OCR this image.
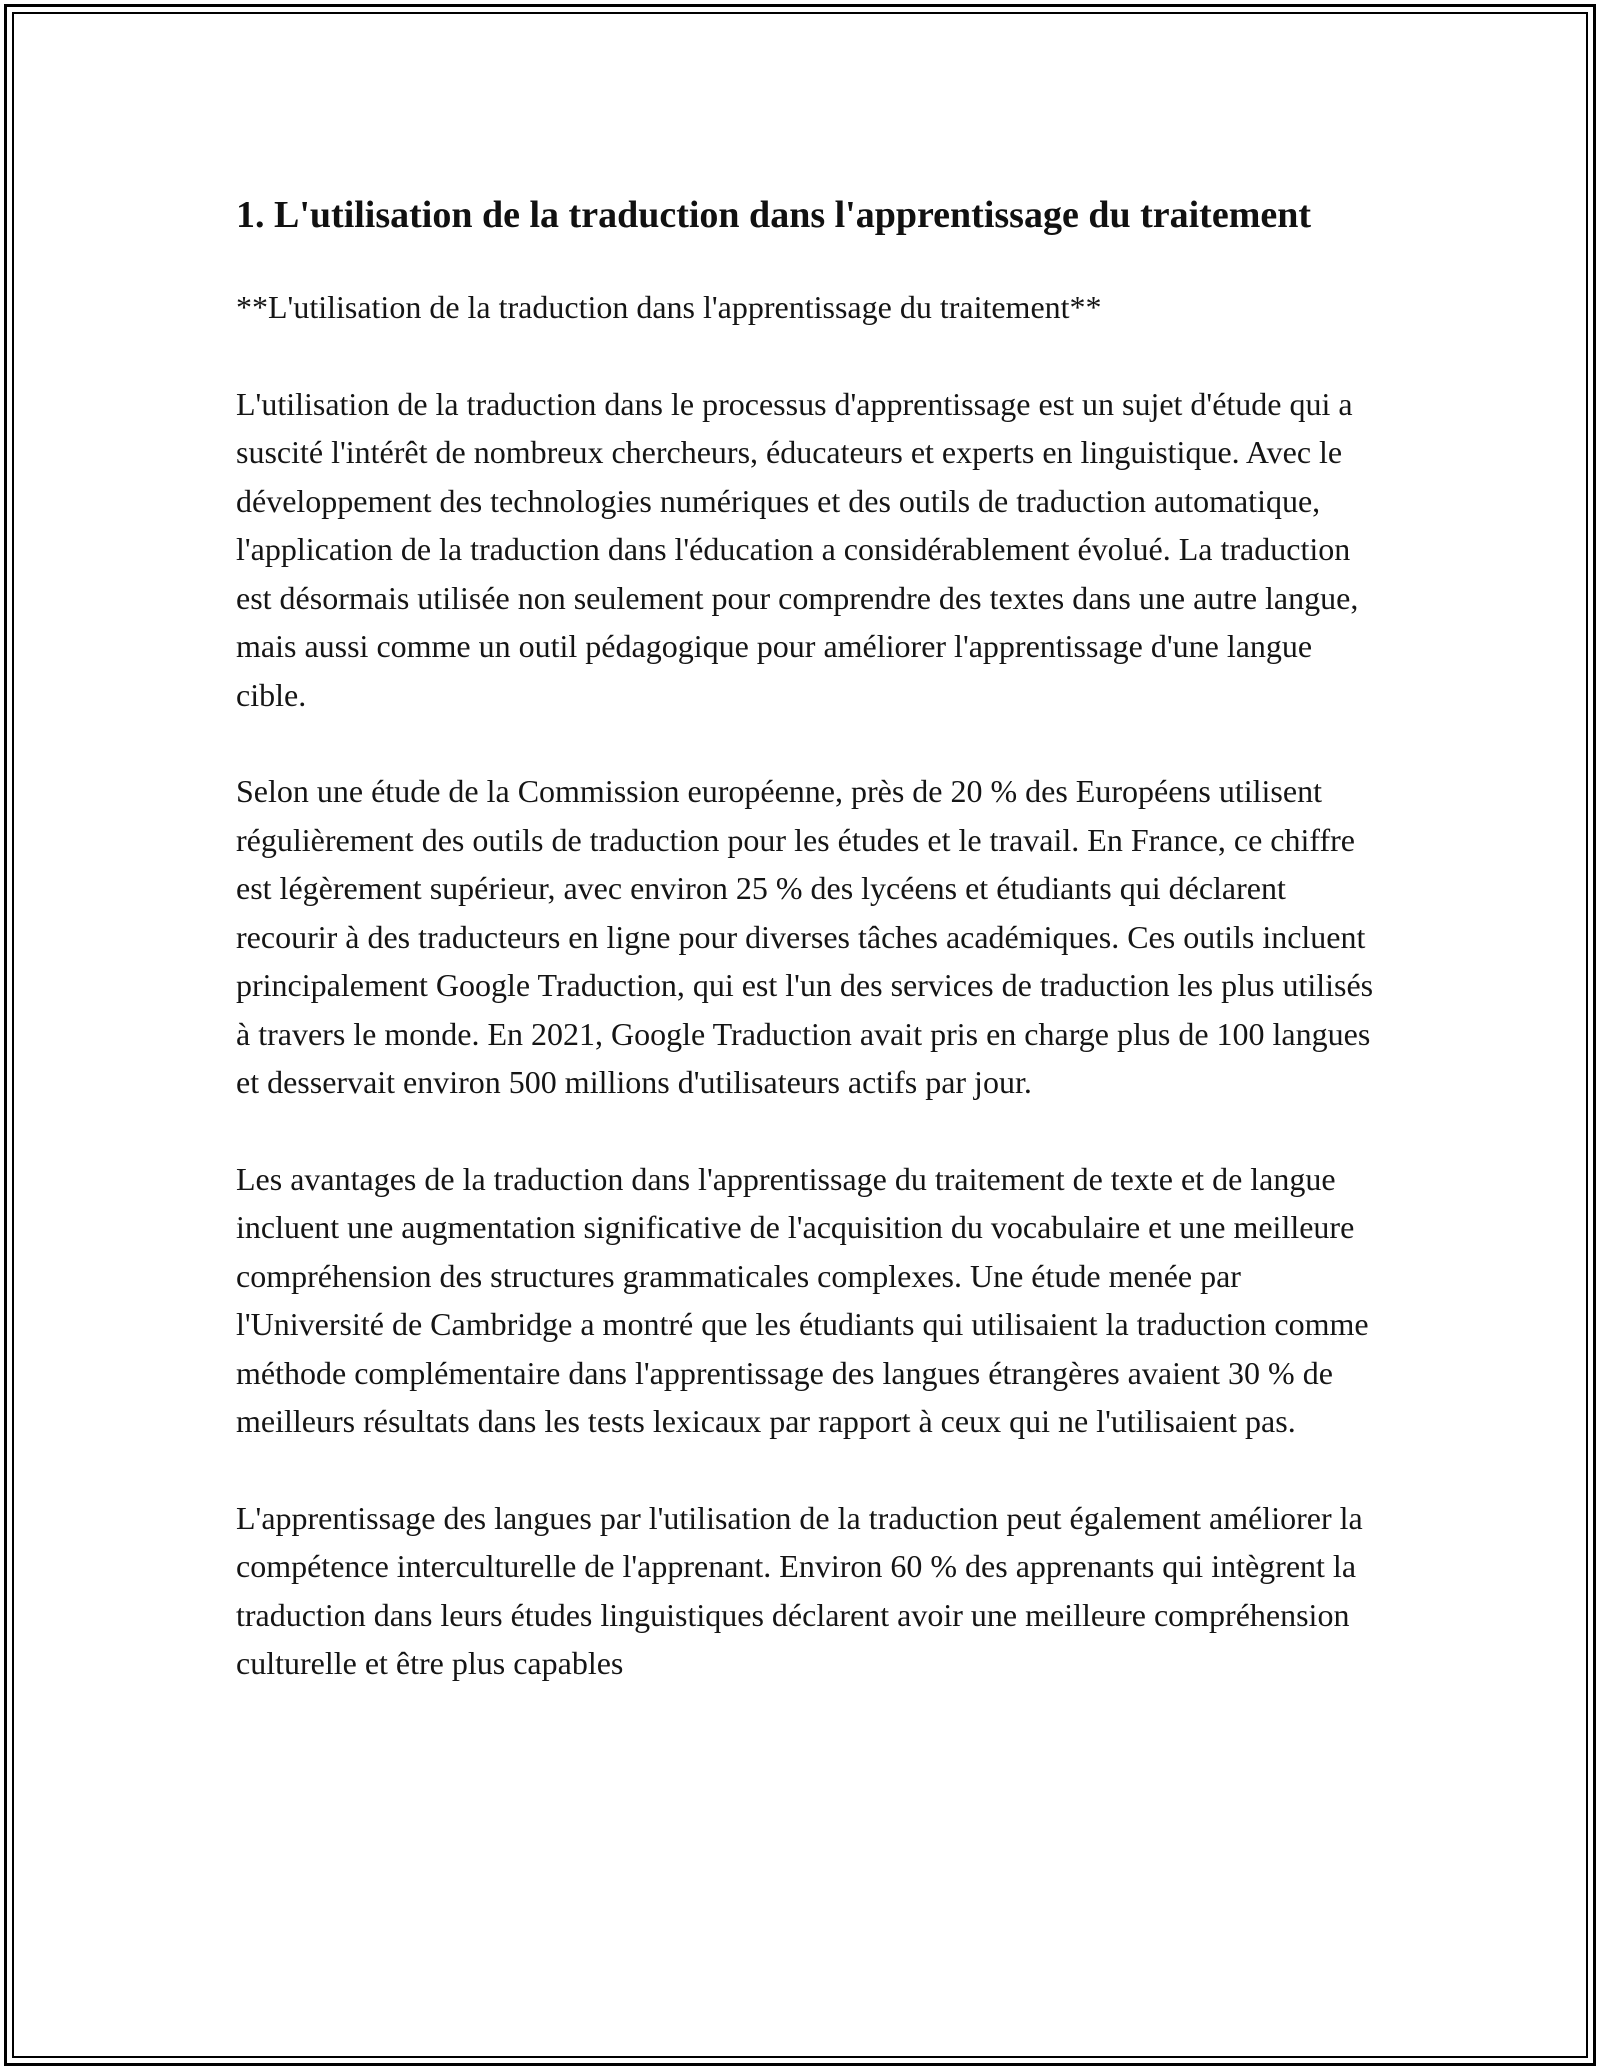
1. L'utilisation de la traduction dans l'apprentissage du traitement

**L'utilisation de la traduction dans l'apprentissage du traitement**

L'utilisation de la traduction dans le processus d'apprentissage est un sujet d'étude qui a suscité l'intérêt de nombreux chercheurs, éducateurs et experts en linguistique. Avec le développement des technologies numériques et des outils de traduction automatique, l'application de la traduction dans l'éducation a considérablement évolué. La traduction est désormais utilisée non seulement pour comprendre des textes dans une autre langue, mais aussi comme un outil pédagogique pour améliorer l'apprentissage d'une langue cible.

Selon une étude de la Commission européenne, près de 20 % des Européens utilisent régulièrement des outils de traduction pour les études et le travail. En France, ce chiffre est légèrement supérieur, avec environ 25 % des lycéens et étudiants qui déclarent recourir à des traducteurs en ligne pour diverses tâches académiques. Ces outils incluent principalement Google Traduction, qui est l'un des services de traduction les plus utilisés à travers le monde. En 2021, Google Traduction avait pris en charge plus de 100 langues et desservait environ 500 millions d'utilisateurs actifs par jour.

Les avantages de la traduction dans l'apprentissage du traitement de texte et de langue incluent une augmentation significative de l'acquisition du vocabulaire et une meilleure compréhension des structures grammaticales complexes. Une étude menée par l'Université de Cambridge a montré que les étudiants qui utilisaient la traduction comme méthode complémentaire dans l'apprentissage des langues étrangères avaient 30 % de meilleurs résultats dans les tests lexicaux par rapport à ceux qui ne l'utilisaient pas.

L'apprentissage des langues par l'utilisation de la traduction peut également améliorer la compétence interculturelle de l'apprenant. Environ 60 % des apprenants qui intègrent la traduction dans leurs études linguistiques déclarent avoir une meilleure compréhension culturelle et être plus capables
